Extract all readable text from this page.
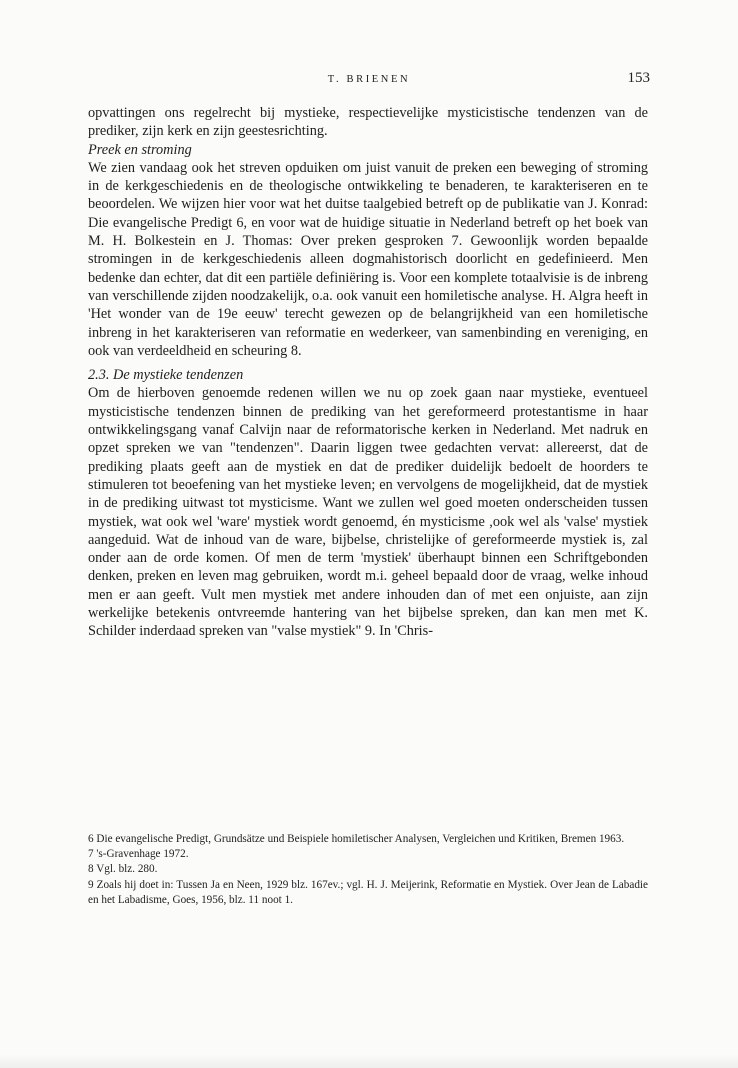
T. BRIENEN	153

opvattingen ons regelrecht bij mystieke, respectievelijke mysticistische tendenzen van de prediker, zijn kerk en zijn geestesrichting.

Preek en stroming

We zien vandaag ook het streven opduiken om juist vanuit de preken een beweging of stroming in de kerkgeschiedenis en de theologische ontwikkeling te benaderen, te karakteriseren en te beoordelen. We wijzen hier voor wat het duitse taalgebied betreft op de publikatie van J. Konrad: Die evangelische Predigt 6, en voor wat de huidige situatie in Nederland betreft op het boek van M. H. Bolkestein en J. Thomas: Over preken gesproken 7. Gewoonlijk worden bepaalde stromingen in de kerkgeschiedenis alleen dogmahistorisch doorlicht en gedefinieerd. Men bedenke dan echter, dat dit een partiële definiëring is. Voor een komplete totaalvisie is de inbreng van verschillende zijden noodzakelijk, o.a. ook vanuit een homiletische analyse. H. Algra heeft in 'Het wonder van de 19e eeuw' terecht gewezen op de belangrijkheid van een homiletische inbreng in het karakteriseren van reformatie en wederkeer, van samenbinding en vereniging, en ook van verdeeldheid en scheuring 8.

2.3. De mystieke tendenzen

Om de hierboven genoemde redenen willen we nu op zoek gaan naar mystieke, eventueel mysticistische tendenzen binnen de prediking van het gereformeerd protestantisme in haar ontwikkelingsgang vanaf Calvijn naar de reformatorische kerken in Nederland. Met nadruk en opzet spreken we van "tendenzen". Daarin liggen twee gedachten vervat: allereerst, dat de prediking plaats geeft aan de mystiek en dat de prediker duidelijk bedoelt de hoorders te stimuleren tot beoefening van het mystieke leven; en vervolgens de mogelijkheid, dat de mystiek in de prediking uitwast tot mysticisme. Want we zullen wel goed moeten onderscheiden tussen mystiek, wat ook wel 'ware' mystiek wordt genoemd, én mysticisme ,ook wel als 'valse' mystiek aangeduid. Wat de inhoud van de ware, bijbelse, christelijke of gereformeerde mystiek is, zal onder aan de orde komen. Of men de term 'mystiek' überhaupt binnen een Schriftgebonden denken, preken en leven mag gebruiken, wordt m.i. geheel bepaald door de vraag, welke inhoud men er aan geeft. Vult men mystiek met andere inhouden dan of met een onjuiste, aan zijn werkelijke betekenis ontvreemde hantering van het bijbelse spreken, dan kan men met K. Schilder inderdaad spreken van "valse mystiek" 9. In 'Chris-

6 Die evangelische Predigt, Grundsätze und Beispiele homiletischer Analysen, Vergleichen und Kritiken, Bremen 1963.

7 's-Gravenhage 1972.

8 Vgl. blz. 280.

9 Zoals hij doet in: Tussen Ja en Neen, 1929 blz. 167ev.; vgl. H. J. Meijerink, Reformatie en Mystiek. Over Jean de Labadie en het Labadisme, Goes, 1956, blz. 11 noot 1.
